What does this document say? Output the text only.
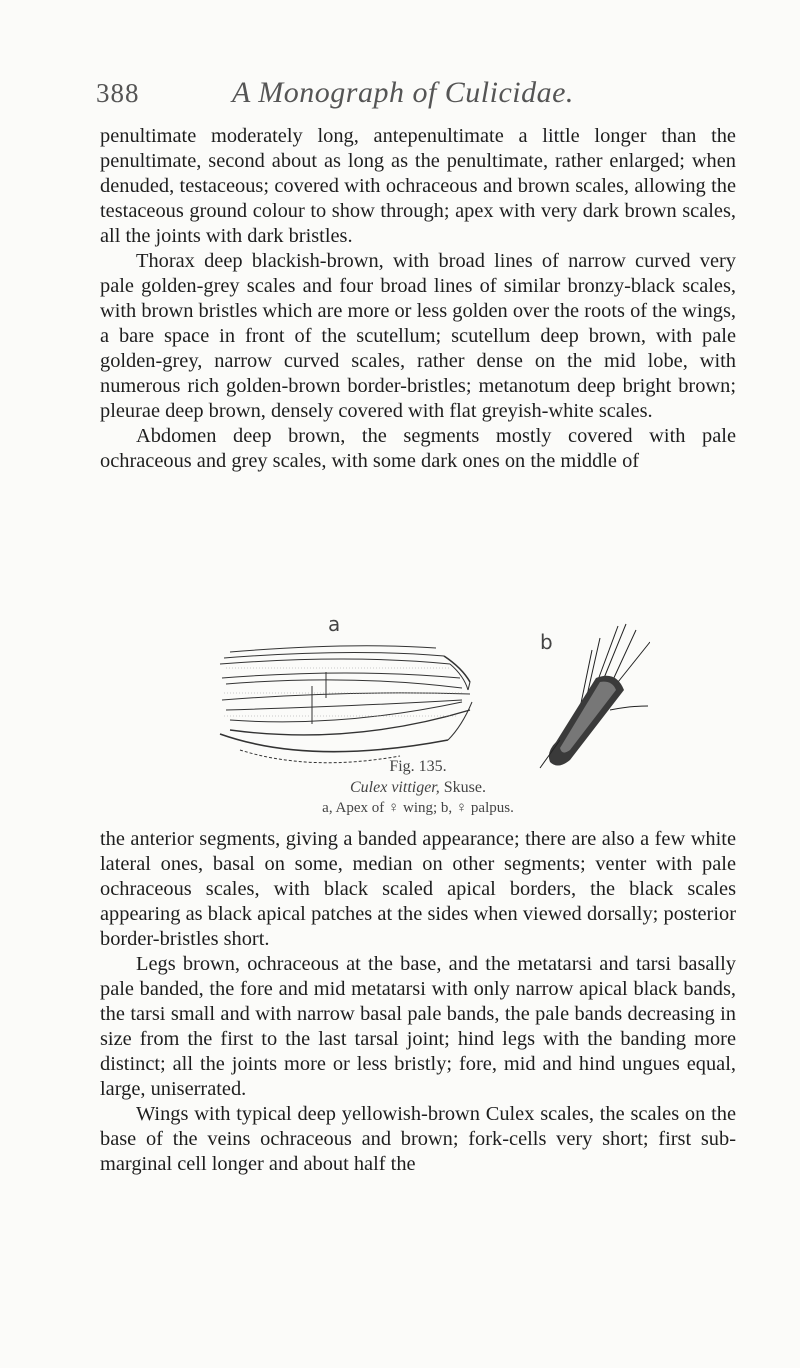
388	A Monograph of Culicidae.

penultimate moderately long, antepenultimate a little longer than the penultimate, second about as long as the penultimate, rather enlarged; when denuded, testaceous; covered with ochraceous and brown scales, allowing the testaceous ground colour to show through; apex with very dark brown scales, all the joints with dark bristles.

Thorax deep blackish-brown, with broad lines of narrow curved very pale golden-grey scales and four broad lines of similar bronzy-black scales, with brown bristles which are more or less golden over the roots of the wings, a bare space in front of the scutellum; scutellum deep brown, with pale golden-grey, narrow curved scales, rather dense on the mid lobe, with numerous rich golden-brown border-bristles; metanotum deep bright brown; pleurae deep brown, densely covered with flat greyish-white scales.

Abdomen deep brown, the segments mostly covered with pale ochraceous and grey scales, with some dark ones on the middle of

a
b
Fig. 135.
Culex vittiger, Skuse.
a, Apex of ♀ wing; b, ♀ palpus.

the anterior segments, giving a banded appearance; there are also a few white lateral ones, basal on some, median on other segments; venter with pale ochraceous scales, with black scaled apical borders, the black scales appearing as black apical patches at the sides when viewed dorsally; posterior border-bristles short.

Legs brown, ochraceous at the base, and the metatarsi and tarsi basally pale banded, the fore and mid metatarsi with only narrow apical black bands, the tarsi small and with narrow basal pale bands, the pale bands decreasing in size from the first to the last tarsal joint; hind legs with the banding more distinct; all the joints more or less bristly; fore, mid and hind ungues equal, large, uniserrated.

Wings with typical deep yellowish-brown Culex scales, the scales on the base of the veins ochraceous and brown; fork-cells very short; first sub-marginal cell longer and about half the
